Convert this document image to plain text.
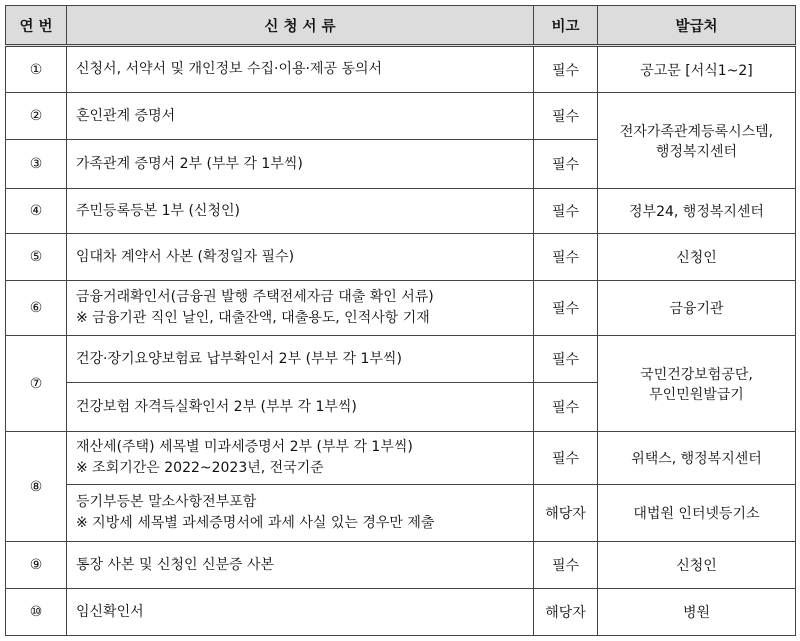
연 번	신 청 서 류	비고	발급처
①	신청서, 서약서 및 개인정보 수집·이용·제공 동의서	필수	공고문 [서식1~2]
②	혼인관계 증명서	필수	전자가족관계등록시스템,
행정복지센터

③	가족관계 증명서 2부 (부부 각 1부씩)	필수	
④	주민등록등본 1부 (신청인)	필수	정부24, 행정복지센터
⑤	임대차 계약서 사본 (확정일자 필수)	필수	신청인
⑥	금융거래확인서(금융권 발행 주택전세자금 대출 확인 서류)
※ 금융기관 직인 날인, 대출잔액, 대출용도, 인적사항 기재	필수	금융기관
⑦	건강·장기요양보험료 납부확인서 2부 (부부 각 1부씩)	필수	국민건강보험공단,
무인민원발급기

	건강보험 자격득실확인서 2부 (부부 각 1부씩)	필수	
⑧	재산세(주택) 세목별 미과세증명서 2부 (부부 각 1부씩)
※ 조회기간은 2022~2023년, 전국기준	필수	위택스, 행정복지센터

	등기부등본 말소사항전부포함
※ 지방세 세목별 과세증명서에 과세 사실 있는 경우만 제출	해당자	대법원 인터넷등기소
⑨	통장 사본 및 신청인 신분증 사본	필수	신청인
⑩	임신확인서	해당자	병원
